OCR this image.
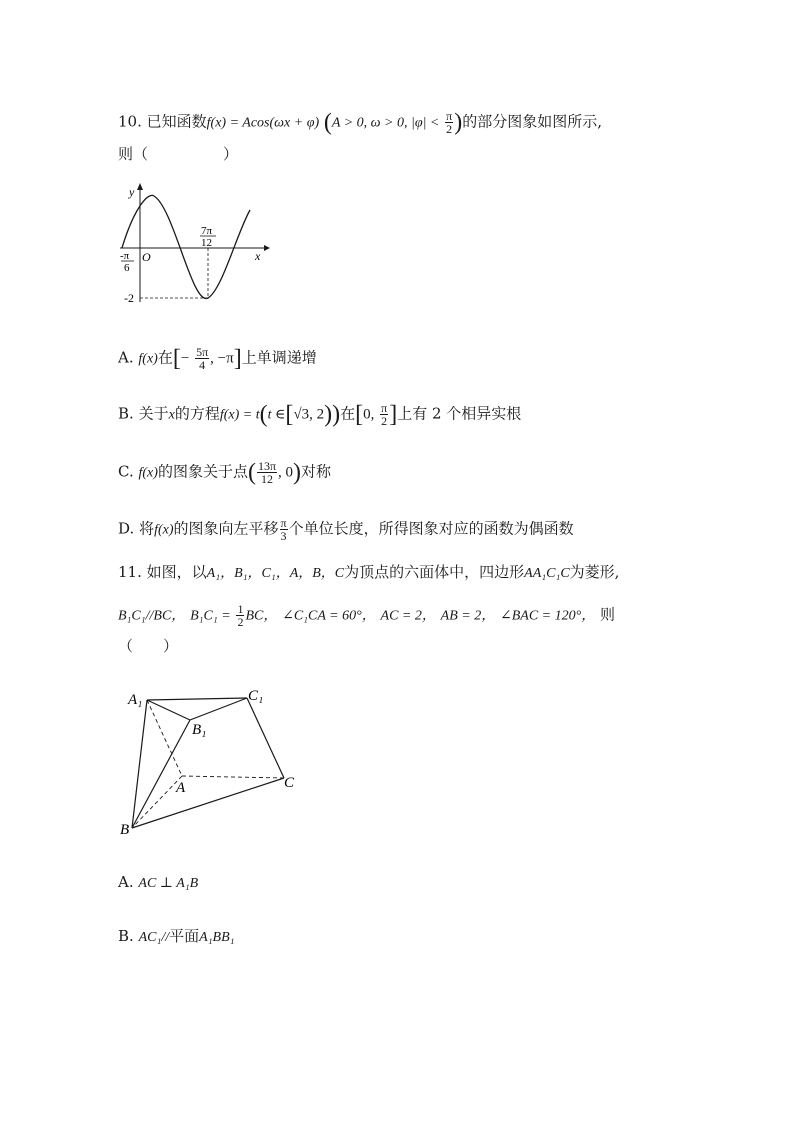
10. 已知函数f(x) = Acos(ωx + φ) (A > 0, ω > 0, $|\varphi| < \frac{\pi}{2}$ )的部分图象如图所示,
则（　　　　　）
y
x
O
-π
6
7π
12
-2
A. f(x)在[− $\frac{5\pi}{4}$ , −π]上单调递增
B. 关于x的方程f(x) = t(t ∈[√3, 2))在[0, $\frac{\pi}{2}$ ]上有 2 个相异实根
C. f(x)的图象关于点( $\frac{13\pi}{12}$ , 0)对称
D. 将f(x)的图象向左平移 $\frac{\pi}{3}$ 个单位长度，所得图象对应的函数为偶函数
11. 如图，以A₁，B₁，C₁，A，B，C为顶点的六面体中，四边形AA₁C₁C为菱形,
B₁C₁//BC， $B_1C_1 = \frac{1}{2}$ BC， ∠C₁CA = 60°， AC = 2， AB = 2， ∠BAC = 120°， 则
（　　）
A₁	C₁
B₁
A	C
B
A. AC ⊥ A₁B
B. AC₁//平面A₁BB₁
